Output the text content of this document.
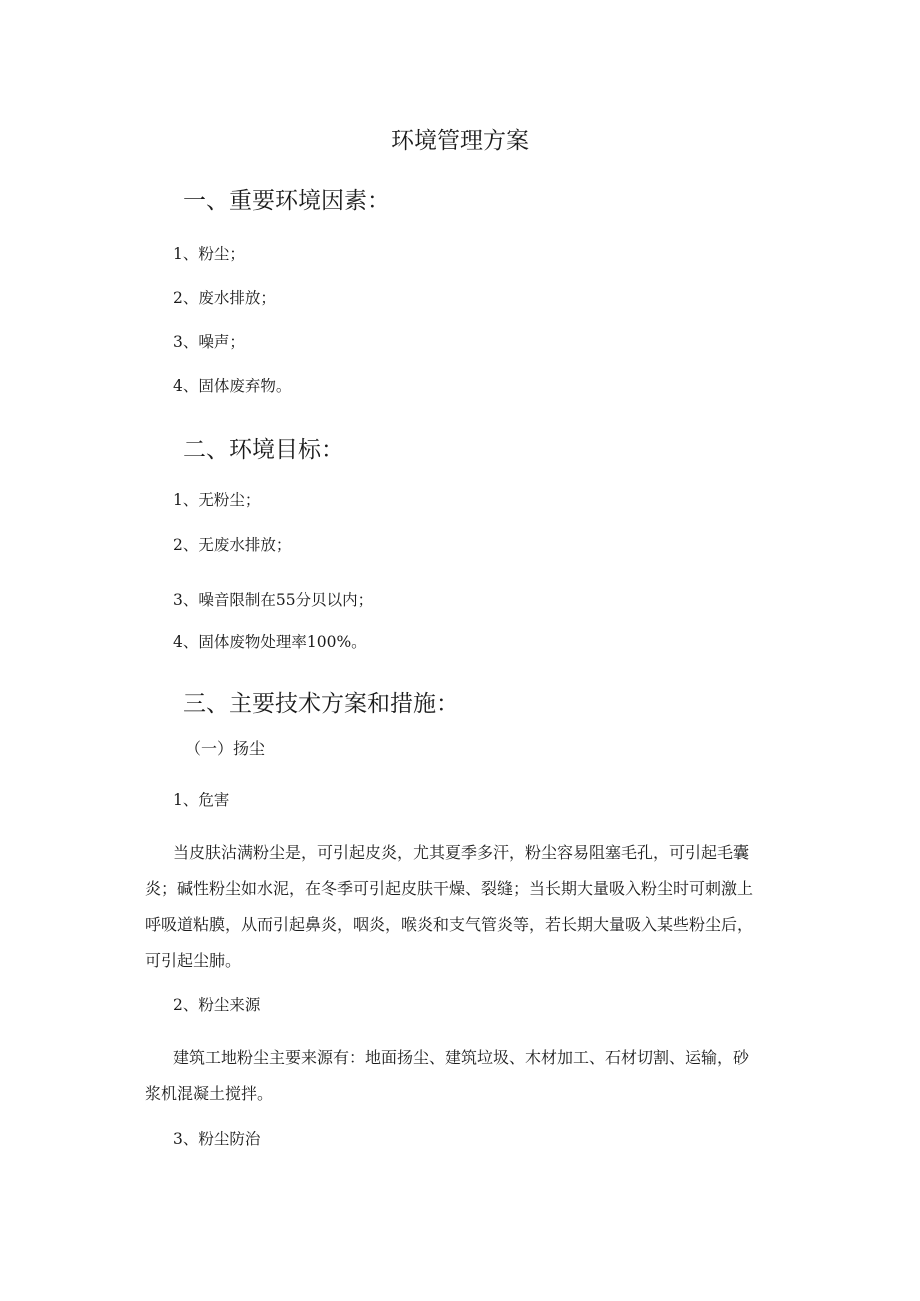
环境管理方案
一、重要环境因素：
1、粉尘；
2、废水排放；
3、噪声；
4、固体废弃物。
二、环境目标：
1、无粉尘；
2、无废水排放；
3、噪音限制在55分贝以内；
4、固体废物处理率100%。
三、主要技术方案和措施：
（一）扬尘
1、危害
当皮肤沾满粉尘是，可引起皮炎，尤其夏季多汗，粉尘容易阻塞毛孔，可引起毛囊
炎；碱性粉尘如水泥，在冬季可引起皮肤干燥、裂缝；当长期大量吸入粉尘时可刺激上
呼吸道粘膜，从而引起鼻炎，咽炎，喉炎和支气管炎等，若长期大量吸入某些粉尘后，
可引起尘肺。
2、粉尘来源
建筑工地粉尘主要来源有：地面扬尘、建筑垃圾、木材加工、石材切割、运输，砂
浆机混凝土搅拌。
3、粉尘防治
